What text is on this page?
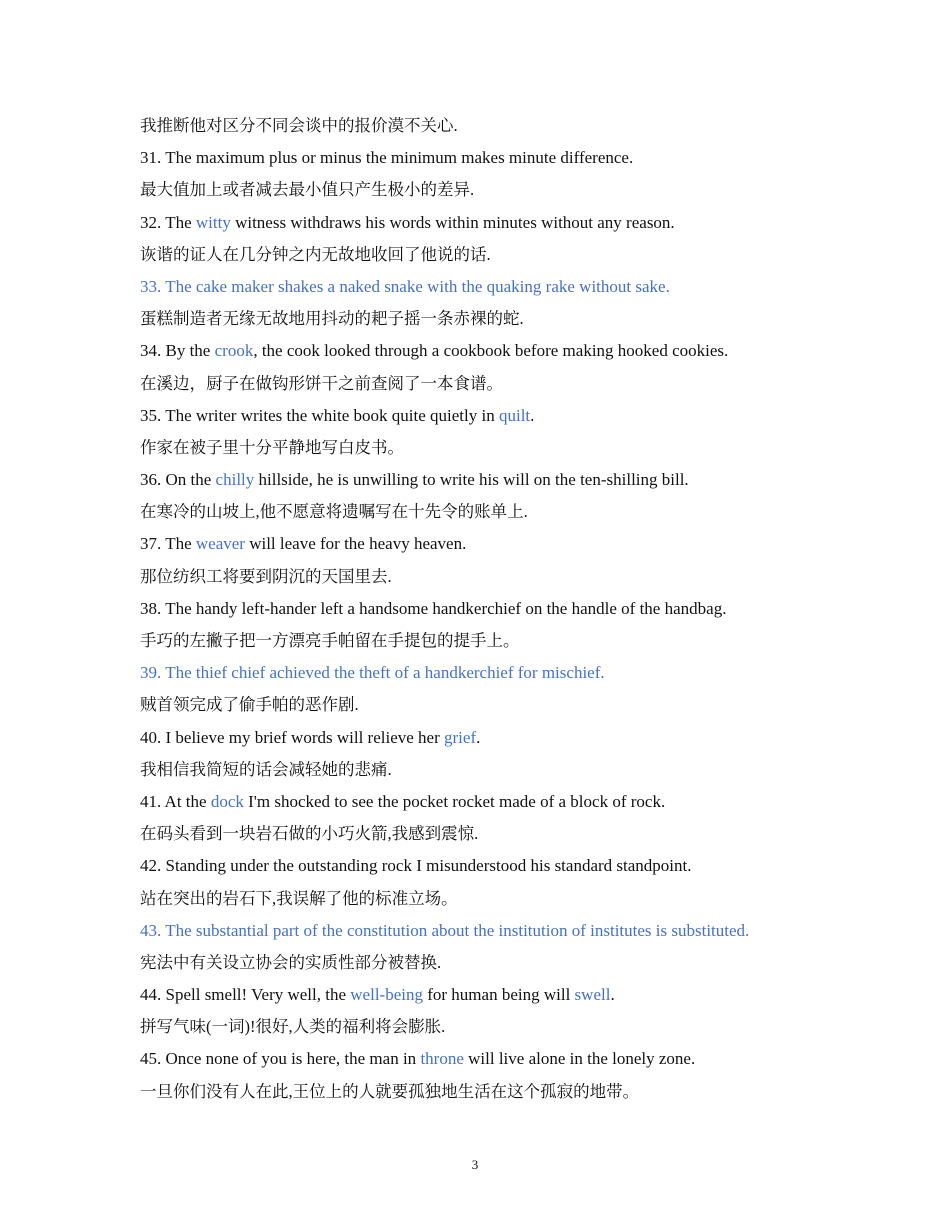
我推断他对区分不同会谈中的报价漠不关心.
31. The maximum plus or minus the minimum makes minute difference.
最大值加上或者减去最小值只产生极小的差异.
32. The witty witness withdraws his words within minutes without any reason.
诙谐的证人在几分钟之内无故地收回了他说的话.
33. The cake maker shakes a naked snake with the quaking rake without sake.
蛋糕制造者无缘无故地用抖动的耙子摇一条赤裸的蛇.
34. By the crook, the cook looked through a cookbook before making hooked cookies.
在溪边，厨子在做钩形饼干之前查阅了一本食谱。
35. The writer writes the white book quite quietly in quilt.
作家在被子里十分平静地写白皮书。
36. On the chilly hillside, he is unwilling to write his will on the ten-shilling bill.
在寒冷的山坡上,他不愿意将遗嘱写在十先令的账单上.
37. The weaver will leave for the heavy heaven.
那位纺织工将要到阴沉的天国里去.
38. The handy left-hander left a handsome handkerchief on the handle of the handbag.
手巧的左撇子把一方漂亮手帕留在手提包的提手上。
39. The thief chief achieved the theft of a handkerchief for mischief.
贼首领完成了偷手帕的恶作剧.
40. I believe my brief words will relieve her grief.
我相信我简短的话会减轻她的悲痛.
41. At the dock I'm shocked to see the pocket rocket made of a block of rock.
在码头看到一块岩石做的小巧火箭,我感到震惊.
42. Standing under the outstanding rock I misunderstood his standard standpoint.
站在突出的岩石下,我误解了他的标准立场。
43. The substantial part of the constitution about the institution of institutes is substituted.
宪法中有关设立协会的实质性部分被替换.
44. Spell smell! Very well, the well-being for human being will swell.
拼写气味(一词)!很好,人类的福利将会膨胀.
45. Once none of you is here, the man in throne will live alone in the lonely zone.
一旦你们没有人在此,王位上的人就要孤独地生活在这个孤寂的地带。
3
